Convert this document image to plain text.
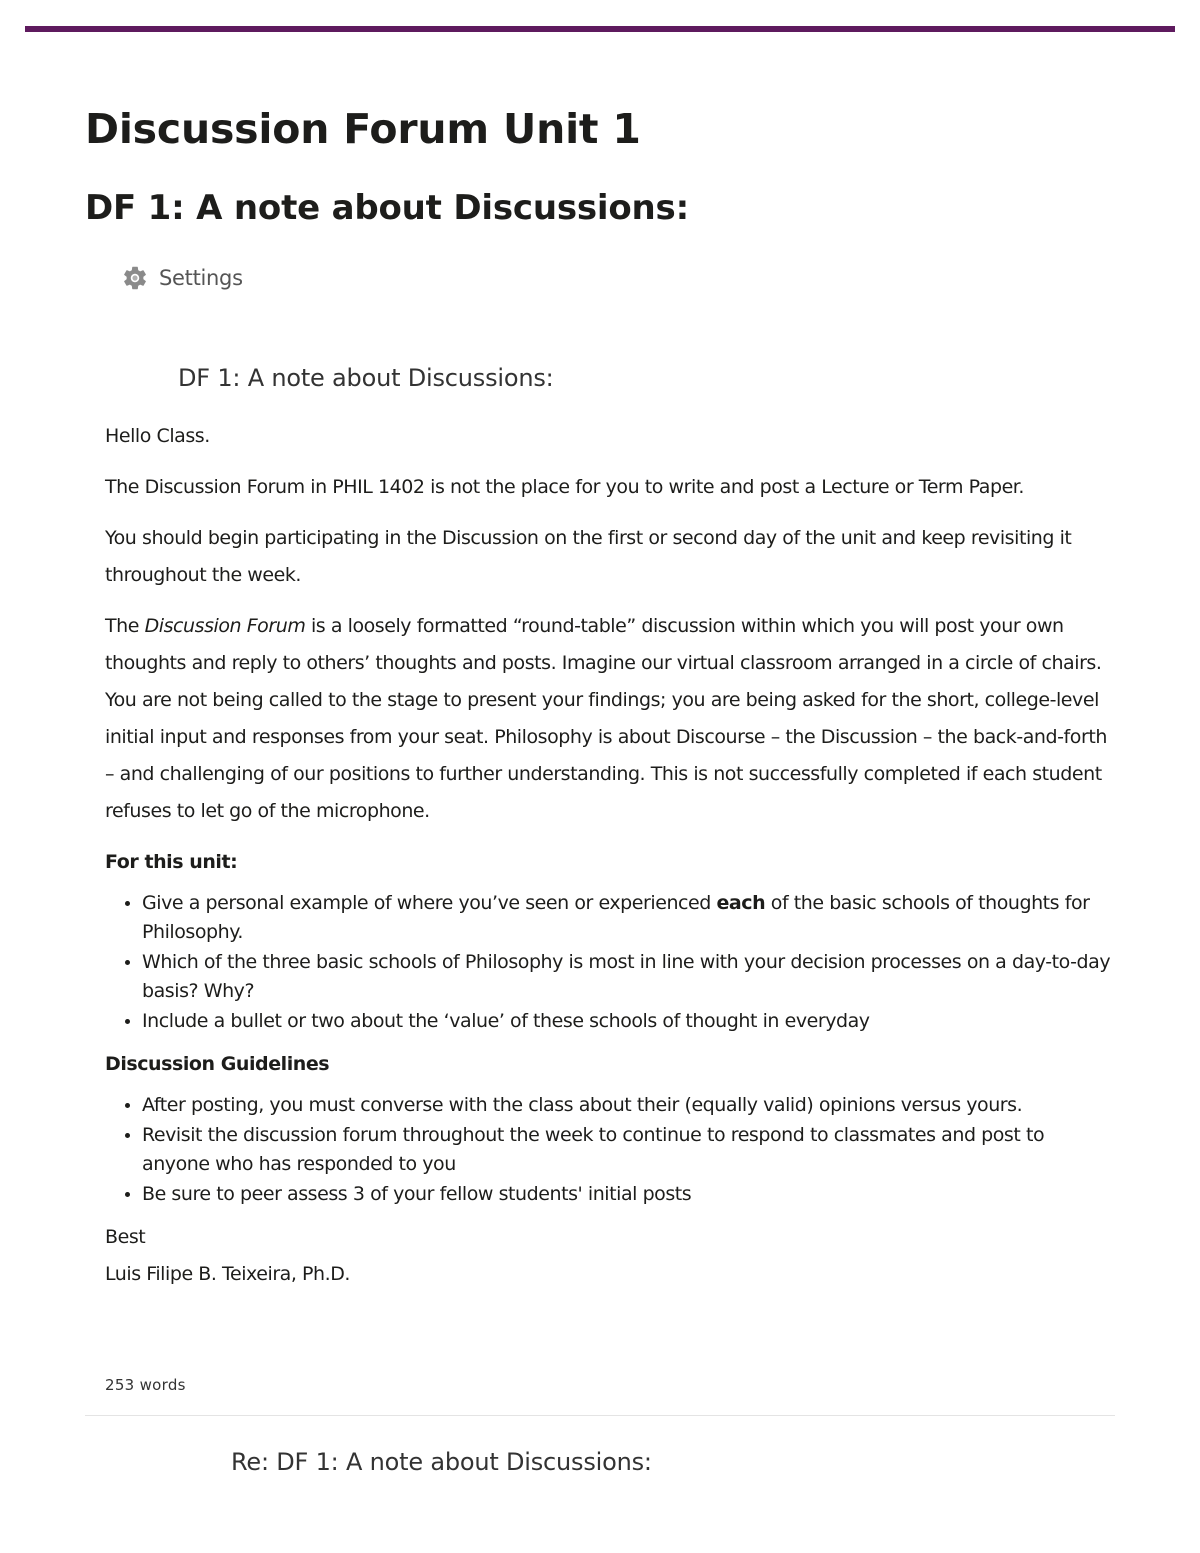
Discussion Forum Unit 1
DF 1: A note about Discussions:
Settings
DF 1: A note about Discussions:

Hello Class.

The Discussion Forum in PHIL 1402 is not the place for you to write and post a Lecture or Term Paper.

You should begin participating in the Discussion on the first or second day of the unit and keep revisiting it throughout the week.

The Discussion Forum is a loosely formatted “round-table” discussion within which you will post your own thoughts and reply to others’ thoughts and posts. Imagine our virtual classroom arranged in a circle of chairs. You are not being called to the stage to present your findings; you are being asked for the short, college-level initial input and responses from your seat. Philosophy is about Discourse – the Discussion – the back-and-forth – and challenging of our positions to further understanding. This is not successfully completed if each student refuses to let go of the microphone.

For this unit:

• Give a personal example of where you’ve seen or experienced each of the basic schools of thoughts for Philosophy.
• Which of the three basic schools of Philosophy is most in line with your decision processes on a day-to-day basis? Why?
• Include a bullet or two about the ‘value’ of these schools of thought in everyday

Discussion Guidelines

• After posting, you must converse with the class about their (equally valid) opinions versus yours.
• Revisit the discussion forum throughout the week to continue to respond to classmates and post to anyone who has responded to you
• Be sure to peer assess 3 of your fellow students' initial posts

Best

Luis Filipe B. Teixeira, Ph.D.

253 words
Re: DF 1: A note about Discussions:
